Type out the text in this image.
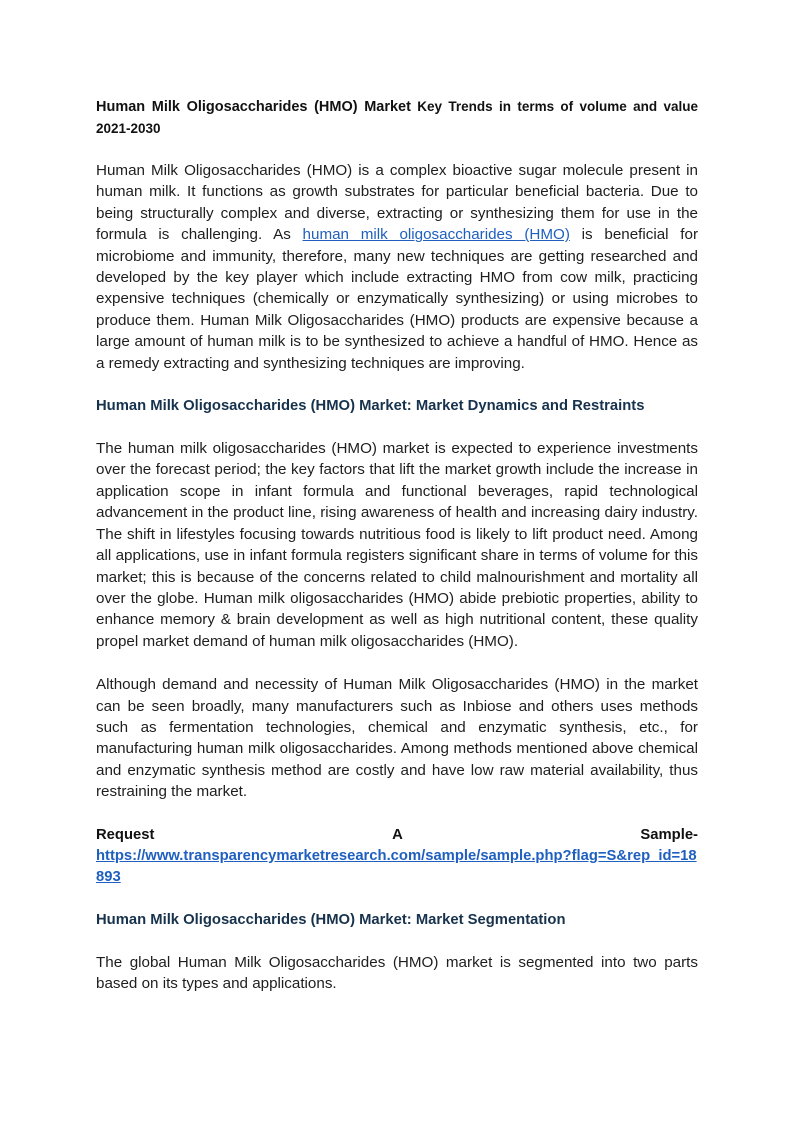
Human Milk Oligosaccharides (HMO) Market Key Trends in terms of volume and value 2021-2030

Human Milk Oligosaccharides (HMO) is a complex bioactive sugar molecule present in human milk. It functions as growth substrates for particular beneficial bacteria. Due to being structurally complex and diverse, extracting or synthesizing them for use in the formula is challenging. As human milk oligosaccharides (HMO) is beneficial for microbiome and immunity, therefore, many new techniques are getting researched and developed by the key player which include extracting HMO from cow milk, practicing expensive techniques (chemically or enzymatically synthesizing) or using microbes to produce them. Human Milk Oligosaccharides (HMO) products are expensive because a large amount of human milk is to be synthesized to achieve a handful of HMO. Hence as a remedy extracting and synthesizing techniques are improving.

Human Milk Oligosaccharides (HMO) Market: Market Dynamics and Restraints

The human milk oligosaccharides (HMO) market is expected to experience investments over the forecast period; the key factors that lift the market growth include the increase in application scope in infant formula and functional beverages, rapid technological advancement in the product line, rising awareness of health and increasing dairy industry. The shift in lifestyles focusing towards nutritious food is likely to lift product need. Among all applications, use in infant formula registers significant share in terms of volume for this market; this is because of the concerns related to child malnourishment and mortality all over the globe. Human milk oligosaccharides (HMO) abide prebiotic properties, ability to enhance memory & brain development as well as high nutritional content, these quality propel market demand of human milk oligosaccharides (HMO).

Although demand and necessity of Human Milk Oligosaccharides (HMO) in the market can be seen broadly, many manufacturers such as Inbiose and others uses methods such as fermentation technologies, chemical and enzymatic synthesis, etc., for manufacturing human milk oligosaccharides. Among methods mentioned above chemical and enzymatic synthesis method are costly and have low raw material availability, thus restraining the market.

Request	A	Sample-
https://www.transparencymarketresearch.com/sample/sample.php?flag=S&rep_id=18893
Human Milk Oligosaccharides (HMO) Market: Market Segmentation

The global Human Milk Oligosaccharides (HMO) market is segmented into two parts based on its types and applications.
